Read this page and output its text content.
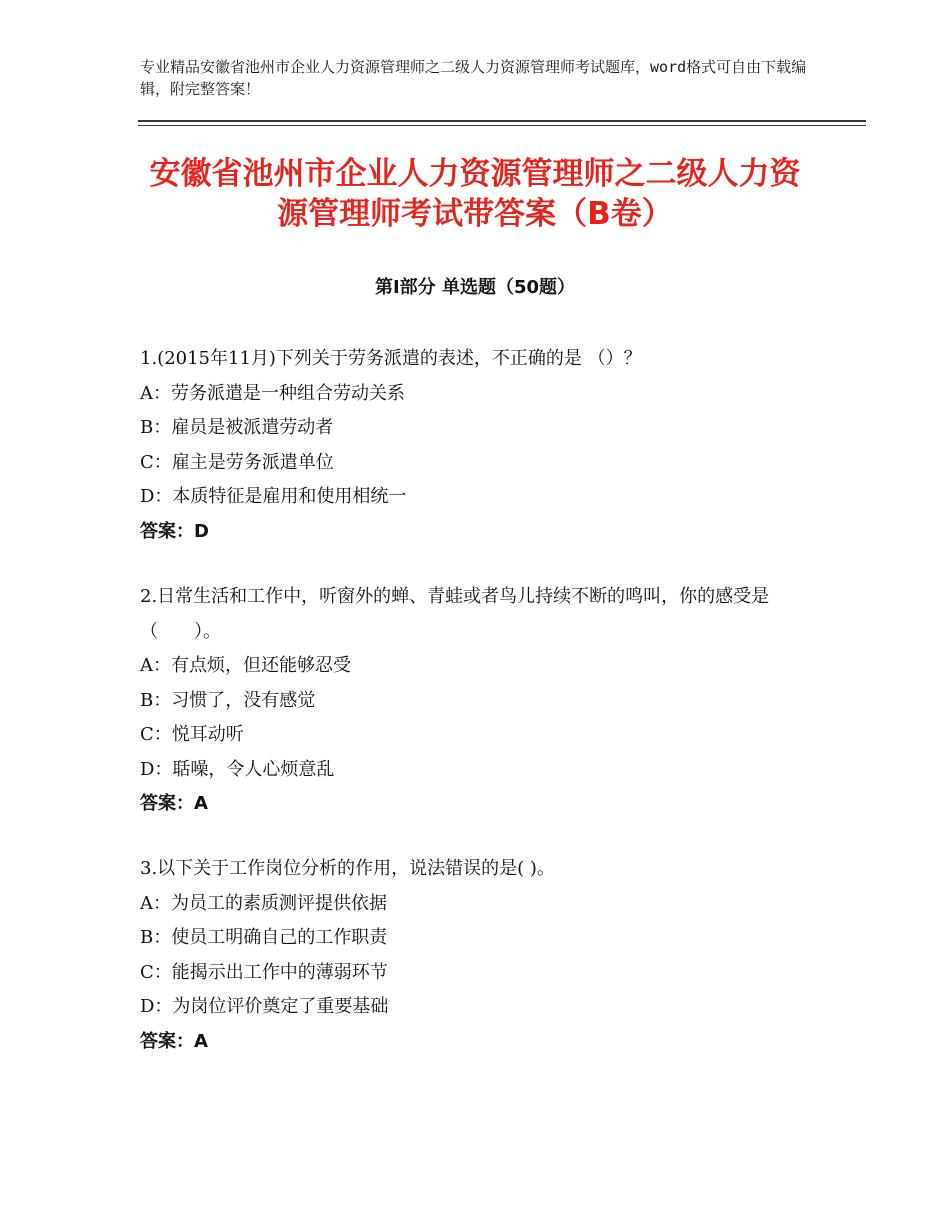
专业精品安徽省池州市企业人力资源管理师之二级人力资源管理师考试题库，word格式可自由下载编辑，附完整答案！
安徽省池州市企业人力资源管理师之二级人力资源管理师考试带答案（B卷）
第Ⅰ部分 单选题（50题）
1.(2015年11月)下列关于劳务派遣的表述，不正确的是 （）？
A：劳务派遣是一种组合劳动关系
B：雇员是被派遣劳动者
C：雇主是劳务派遣单位
D：本质特征是雇用和使用相统一
答案：D
2.日常生活和工作中，听窗外的蝉、青蛙或者鸟儿持续不断的鸣叫，你的感受是（　　）。
A：有点烦，但还能够忍受
B：习惯了，没有感觉
C：悦耳动听
D：聒噪，令人心烦意乱
答案：A
3.以下关于工作岗位分析的作用，说法错误的是( )。
A：为员工的素质测评提供依据
B：使员工明确自己的工作职责
C：能揭示出工作中的薄弱环节
D：为岗位评价奠定了重要基础
答案：A
